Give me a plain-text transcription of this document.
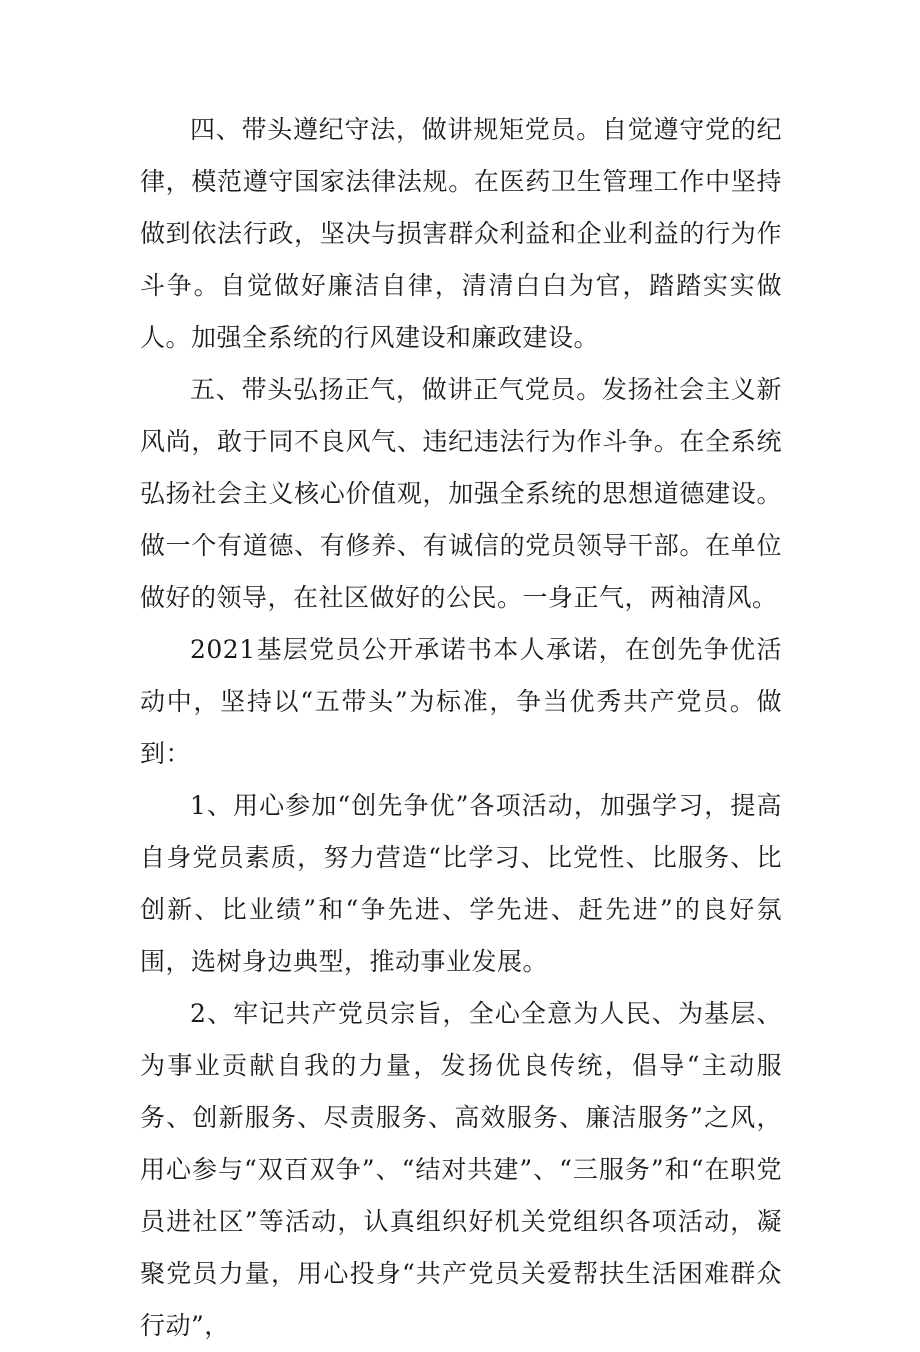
四、带头遵纪守法，做讲规矩党员。自觉遵守党的纪律，模范遵守国家法律法规。在医药卫生管理工作中坚持做到依法行政，坚决与损害群众利益和企业利益的行为作斗争。自觉做好廉洁自律，清清白白为官，踏踏实实做人。加强全系统的行风建设和廉政建设。

五、带头弘扬正气，做讲正气党员。发扬社会主义新风尚，敢于同不良风气、违纪违法行为作斗争。在全系统弘扬社会主义核心价值观，加强全系统的思想道德建设。做一个有道德、有修养、有诚信的党员领导干部。在单位做好的领导，在社区做好的公民。一身正气，两袖清风。

2021基层党员公开承诺书本人承诺，在创先争优活动中，坚持以“五带头”为标准，争当优秀共产党员。做到：

1、用心参加“创先争优”各项活动，加强学习，提高自身党员素质，努力营造“比学习、比党性、比服务、比创新、比业绩”和“争先进、学先进、赶先进”的良好氛围，选树身边典型，推动事业发展。

2、牢记共产党员宗旨，全心全意为人民、为基层、为事业贡献自我的力量，发扬优良传统，倡导“主动服务、创新服务、尽责服务、高效服务、廉洁服务”之风，用心参与“双百双争”、“结对共建”、“三服务”和“在职党员进社区”等活动，认真组织好机关党组织各项活动，凝聚党员力量，用心投身“共产党员关爱帮扶生活困难群众行动”，
